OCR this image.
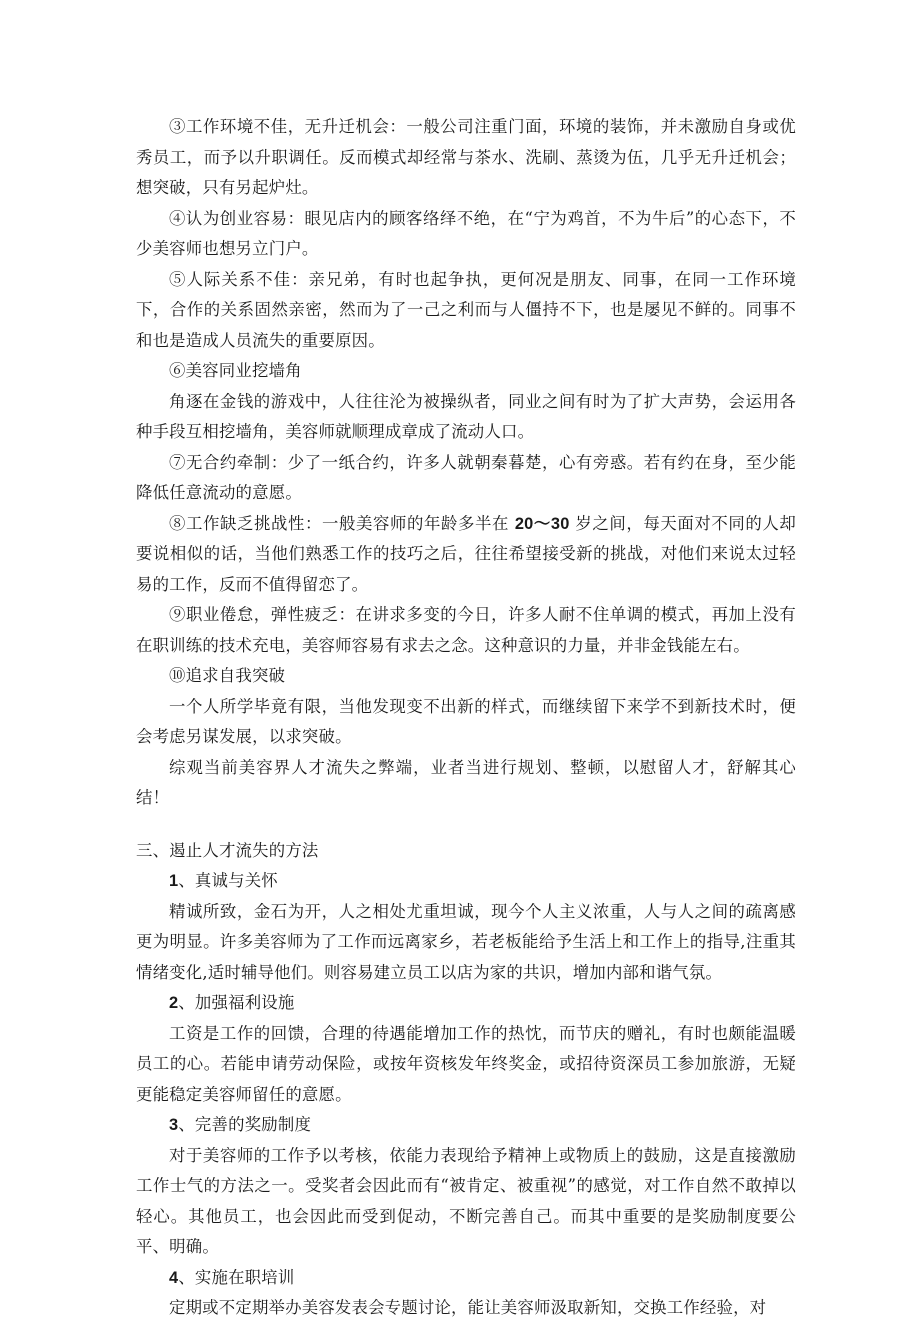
③工作环境不佳，无升迁机会：一般公司注重门面，环境的装饰，并未激励自身或优秀员工，而予以升职调任。反而模式却经常与茶水、洗刷、蒸烫为伍，几乎无升迁机会；想突破，只有另起炉灶。

④认为创业容易：眼见店内的顾客络绎不绝，在“宁为鸡首，不为牛后”的心态下，不少美容师也想另立门户。

⑤人际关系不佳：亲兄弟，有时也起争执，更何况是朋友、同事，在同一工作环境下，合作的关系固然亲密，然而为了一己之利而与人僵持不下，也是屡见不鲜的。同事不和也是造成人员流失的重要原因。

⑥美容同业挖墙角

角逐在金钱的游戏中，人往往沦为被操纵者，同业之间有时为了扩大声势，会运用各种手段互相挖墙角，美容师就顺理成章成了流动人口。

⑦无合约牵制：少了一纸合约，许多人就朝秦暮楚，心有旁惑。若有约在身，至少能降低任意流动的意愿。

⑧工作缺乏挑战性：一般美容师的年龄多半在 20～30 岁之间，每天面对不同的人却要说相似的话，当他们熟悉工作的技巧之后，往往希望接受新的挑战，对他们来说太过轻易的工作，反而不值得留恋了。

⑨职业倦怠，弹性疲乏：在讲求多变的今日，许多人耐不住单调的模式，再加上没有在职训练的技术充电，美容师容易有求去之念。这种意识的力量，并非金钱能左右。

⑩追求自我突破

一个人所学毕竟有限，当他发现变不出新的样式，而继续留下来学不到新技术时，便会考虑另谋发展，以求突破。

综观当前美容界人才流失之弊端，业者当进行规划、整顿，以慰留人才，舒解其心结！

三、遏止人才流失的方法

1、真诚与关怀

精诚所致，金石为开，人之相处尤重坦诚，现今个人主义浓重，人与人之间的疏离感更为明显。许多美容师为了工作而远离家乡，若老板能给予生活上和工作上的指导,注重其情绪变化,适时辅导他们。则容易建立员工以店为家的共识，增加内部和谐气氛。

2、加强福利设施

工资是工作的回馈，合理的待遇能增加工作的热忱，而节庆的赠礼，有时也颇能温暖员工的心。若能申请劳动保险，或按年资核发年终奖金，或招待资深员工参加旅游，无疑更能稳定美容师留任的意愿。

3、完善的奖励制度

对于美容师的工作予以考核，依能力表现给予精神上或物质上的鼓励，这是直接激励工作士气的方法之一。受奖者会因此而有“被肯定、被重视”的感觉，对工作自然不敢掉以轻心。其他员工，也会因此而受到促动，不断完善自己。而其中重要的是奖励制度要公平、明确。

4、实施在职培训

定期或不定期举办美容发表会专题讨论，能让美容师汲取新知，交换工作经验，对
